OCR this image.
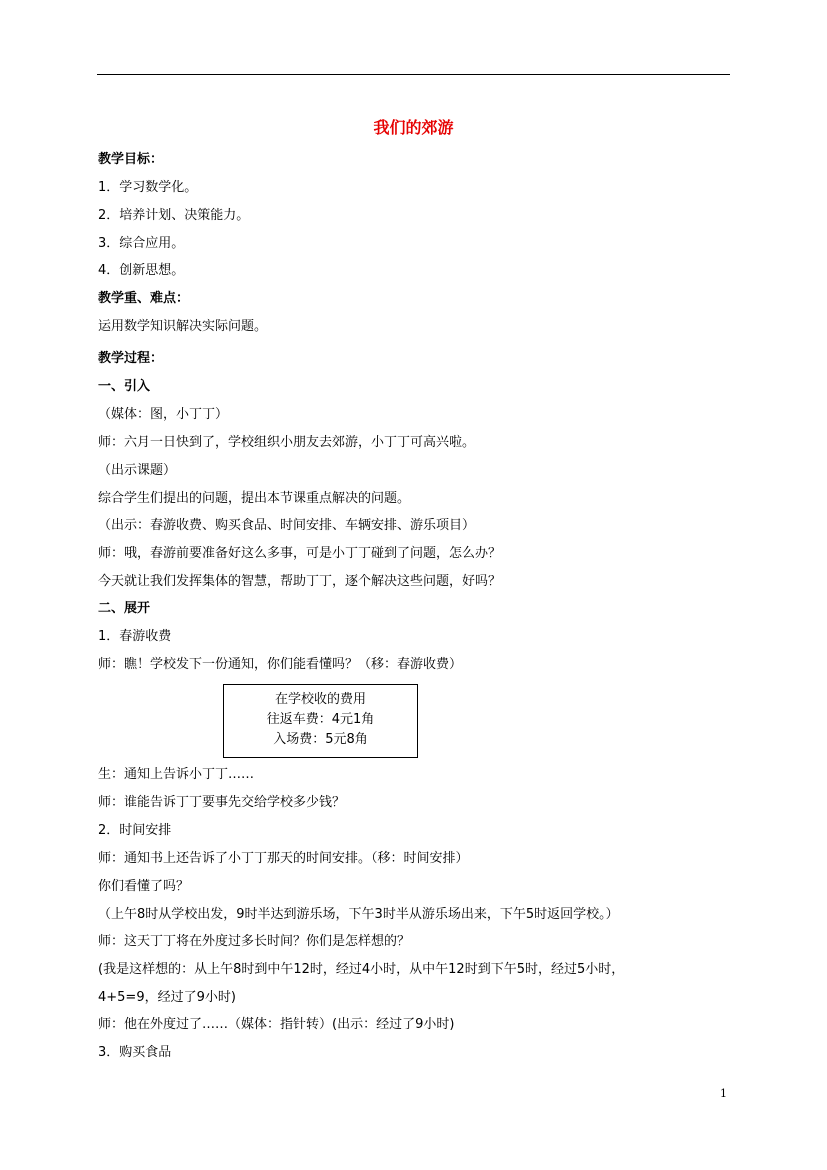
我们的郊游
教学目标：
1．学习数学化。
2．培养计划、决策能力。
3．综合应用。
4．创新思想。
教学重、难点：
运用数学知识解决实际问题。
教学过程：
一、引入
（媒体：图，小丁丁）
师：六月一日快到了，学校组织小朋友去郊游，小丁丁可高兴啦。
（出示课题）
综合学生们提出的问题，提出本节课重点解决的问题。
（出示：春游收费、购买食品、时间安排、车辆安排、游乐项目）
师：哦，春游前要准备好这么多事，可是小丁丁碰到了问题，怎么办？
今天就让我们发挥集体的智慧，帮助丁丁，逐个解决这些问题，好吗？
二、展开
1．春游收费
师：瞧！学校发下一份通知，你们能看懂吗？（移：春游收费）
在学校收的费用
往返车费：4元1角
入场费：5元8角
生：通知上告诉小丁丁……
师：谁能告诉丁丁要事先交给学校多少钱？
2．时间安排
师：通知书上还告诉了小丁丁那天的时间安排。（移：时间安排）
你们看懂了吗？
（上午8时从学校出发，9时半达到游乐场，下午3时半从游乐场出来，下午5时返回学校。）
师：这天丁丁将在外度过多长时间？你们是怎样想的？
(我是这样想的：从上午8时到中午12时，经过4小时，从中午12时到下午5时，经过5小时，
4+5=9，经过了9小时)
师：他在外度过了……（媒体：指针转）(出示：经过了9小时)
3．购买食品
1
